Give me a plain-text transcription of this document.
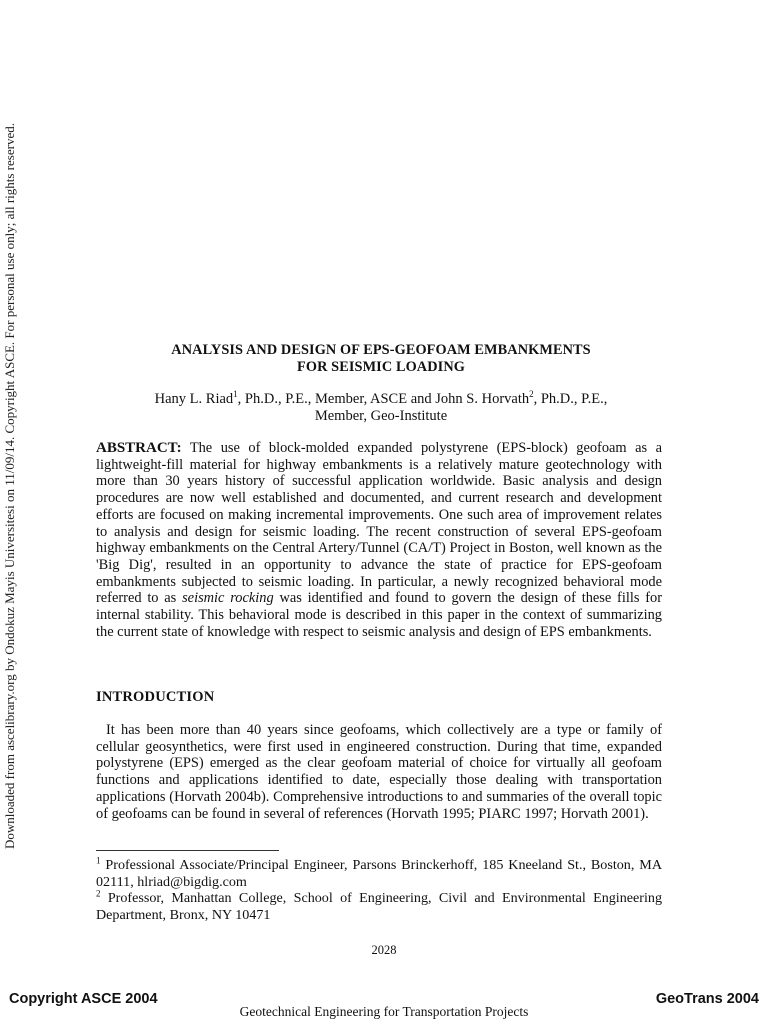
Downloaded from ascelibrary.org by Ondokuz Mayis Universitesi on 11/09/14. Copyright ASCE. For personal use only; all rights reserved.	ANALYSIS AND DESIGN OF EPS-GEOFOAM EMBANKMENTS
FOR SEISMIC LOADING
Hany L. Riad$^1$, Ph.D., P.E., Member, ASCE and John S. Horvath$^2$, Ph.D., P.E.,
Member, Geo-Institute

ABSTRACT: The use of block-molded expanded polystyrene (EPS-block) geofoam as a lightweight-fill material for highway embankments is a relatively mature geotechnology with more than 30 years history of successful application worldwide. Basic analysis and design procedures are now well established and documented, and current research and development efforts are focused on making incremental improvements. One such area of improvement relates to analysis and design for seismic loading. The recent construction of several EPS-geofoam highway embankments on the Central Artery/Tunnel (CA/T) Project in Boston, well known as the 'Big Dig', resulted in an opportunity to advance the state of practice for EPS-geofoam embankments subjected to seismic loading. In particular, a newly recognized behavioral mode referred to as seismic rocking was identified and found to govern the design of these fills for internal stability. This behavioral mode is described in this paper in the context of summarizing the current state of knowledge with respect to seismic analysis and design of EPS embankments.

INTRODUCTION

It has been more than 40 years since geofoams, which collectively are a type or family of cellular geosynthetics, were first used in engineered construction. During that time, expanded polystyrene (EPS) emerged as the clear geofoam material of choice for virtually all geofoam functions and applications identified to date, especially those dealing with transportation applications (Horvath 2004b). Comprehensive introductions to and summaries of the overall topic of geofoams can be found in several of references (Horvath 1995; PIARC 1997; Horvath 2001).

$^1$ Professional Associate/Principal Engineer, Parsons Brinckerhoff, 185 Kneeland St., Boston, MA 02111, hlriad@bigdig.com

$^2$ Professor, Manhattan College, School of Engineering, Civil and Environmental Engineering Department, Bronx, NY 10471

2028
Copyright ASCE 2004	GeoTrans 2004
Geotechnical Engineering for Transportation Projects
